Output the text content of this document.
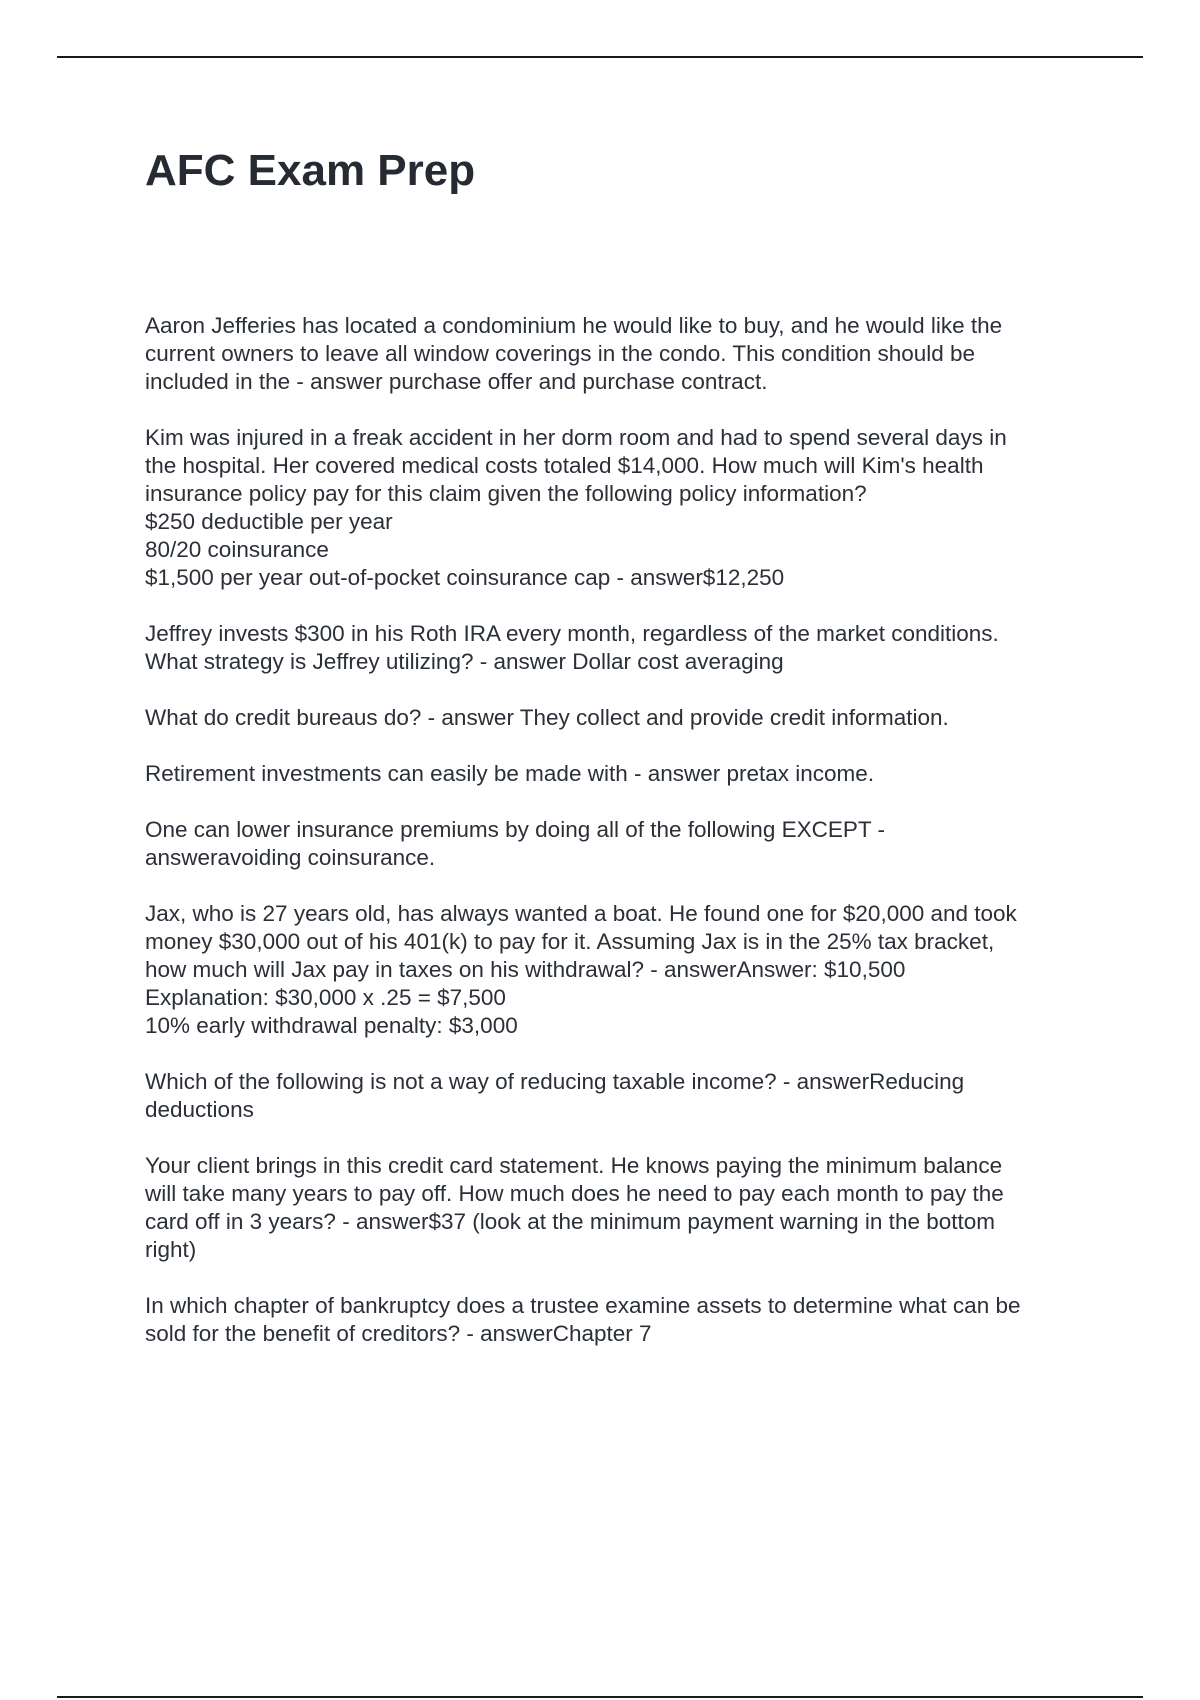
AFC Exam Prep
Aaron Jefferies has located a condominium he would like to buy, and he would like the
current owners to leave all window coverings in the condo. This condition should be
included in the - answer purchase offer and purchase contract.
Kim was injured in a freak accident in her dorm room and had to spend several days in
the hospital. Her covered medical costs totaled $14,000. How much will Kim's health
insurance policy pay for this claim given the following policy information?
$250 deductible per year
80/20 coinsurance
$1,500 per year out-of-pocket coinsurance cap - answer$12,250
Jeffrey invests $300 in his Roth IRA every month, regardless of the market conditions.
What strategy is Jeffrey utilizing? - answer Dollar cost averaging
What do credit bureaus do? - answer They collect and provide credit information.
Retirement investments can easily be made with - answer pretax income.
One can lower insurance premiums by doing all of the following EXCEPT -
answeravoiding coinsurance.
Jax, who is 27 years old, has always wanted a boat. He found one for $20,000 and took
money $30,000 out of his 401(k) to pay for it. Assuming Jax is in the 25% tax bracket,
how much will Jax pay in taxes on his withdrawal? - answerAnswer: $10,500
Explanation: $30,000 x .25 = $7,500
10% early withdrawal penalty: $3,000
Which of the following is not a way of reducing taxable income? - answerReducing
deductions
Your client brings in this credit card statement. He knows paying the minimum balance
will take many years to pay off. How much does he need to pay each month to pay the
card off in 3 years? - answer$37 (look at the minimum payment warning in the bottom
right)
In which chapter of bankruptcy does a trustee examine assets to determine what can be
sold for the benefit of creditors? - answerChapter 7
